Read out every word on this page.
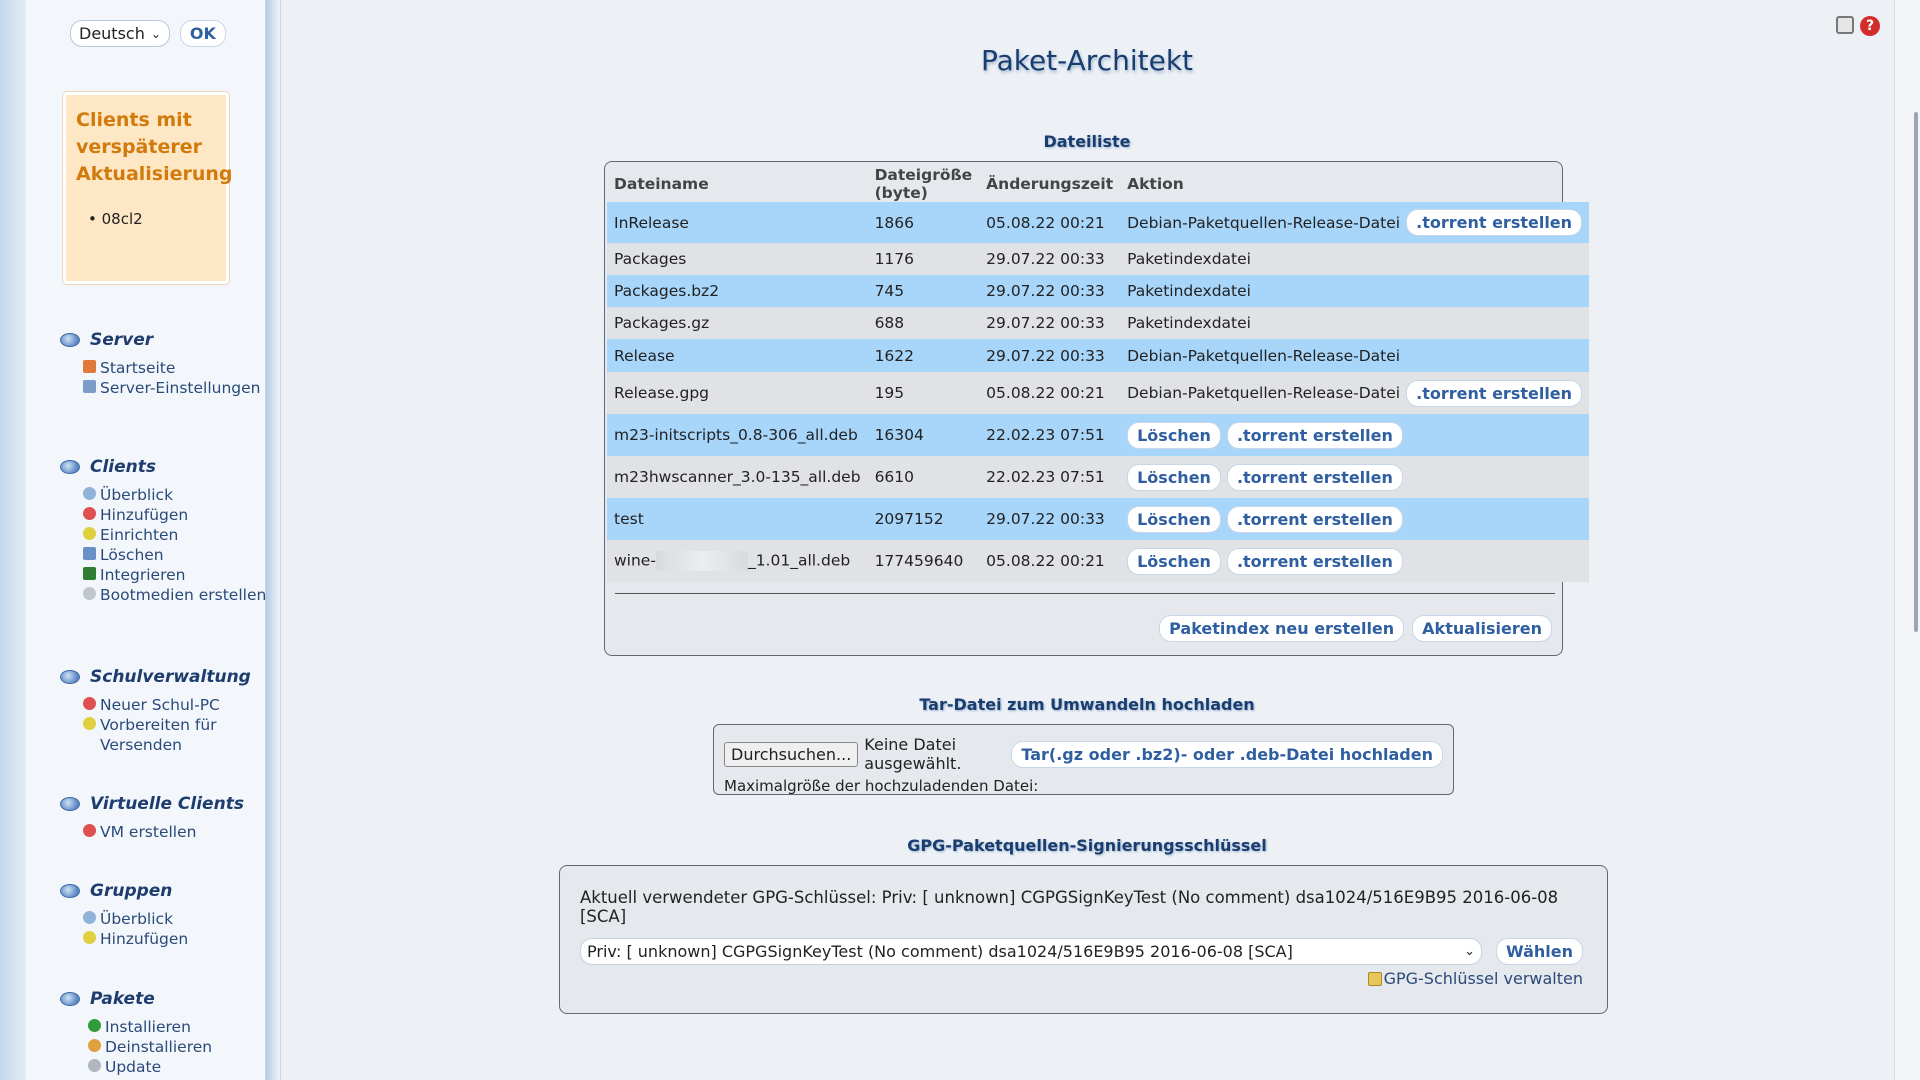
Deutsch ⌄	OK
Clients mit verspäterer Aktualisierung
• 08cl2
Server
Startseite
Server-Einstellungen
Clients
Überblick
Hinzufügen
Einrichten
Löschen
Integrieren
Bootmedien erstellen
Schulverwaltung
Neuer Schul-PC
Vorbereiten für Versenden
Virtuelle Clients
VM erstellen
Gruppen
Überblick
Hinzufügen
Pakete
Installieren
Deinstallieren
Update
?
Paket-Architekt
Dateiliste
Dateiname	Dateigröße (byte)	Änderungszeit	Aktion
InRelease	1866	05.08.22 00:21	Debian-Paketquellen-Release-Datei .torrent erstellen

Packages	1176	29.07.22 00:33	Paketindexdatei
Packages.bz2	745	29.07.22 00:33	Paketindexdatei
Packages.gz	688	29.07.22 00:33	Paketindexdatei
Release	1622	29.07.22 00:33	Debian-Paketquellen-Release-Datei
Release.gpg	195	05.08.22 00:21	Debian-Paketquellen-Release-Datei .torrent erstellen

m23-initscripts_0.8-306_all.deb	16304	22.02.23 07:51	Löschen .torrent erstellen

m23hwscanner_3.0-135_all.deb	6610	22.02.23 07:51	Löschen .torrent erstellen

test	2097152	29.07.22 00:33	Löschen .torrent erstellen

wine- _1.01_all.deb	177459640	05.08.22 00:21	Löschen .torrent erstellen
Paketindex neu erstellen	Aktualisieren
Tar-Datei zum Umwandeln hochladen
Durchsuchen... Keine Datei ausgewählt.	Tar(.gz oder .bz2)- oder .deb-Datei hochladen
Maximalgröße der hochzuladenden Datei:
GPG-Paketquellen-Signierungsschlüssel
Aktuell verwendeter GPG-Schlüssel: Priv: [ unknown] CGPGSignKeyTest (No comment) dsa1024/516E9B95 2016-06-08 [SCA]
Priv: [ unknown] CGPGSignKeyTest (No comment) dsa1024/516E9B95 2016-06-08 [SCA]	⌄	Wählen
GPG-Schlüssel verwalten
